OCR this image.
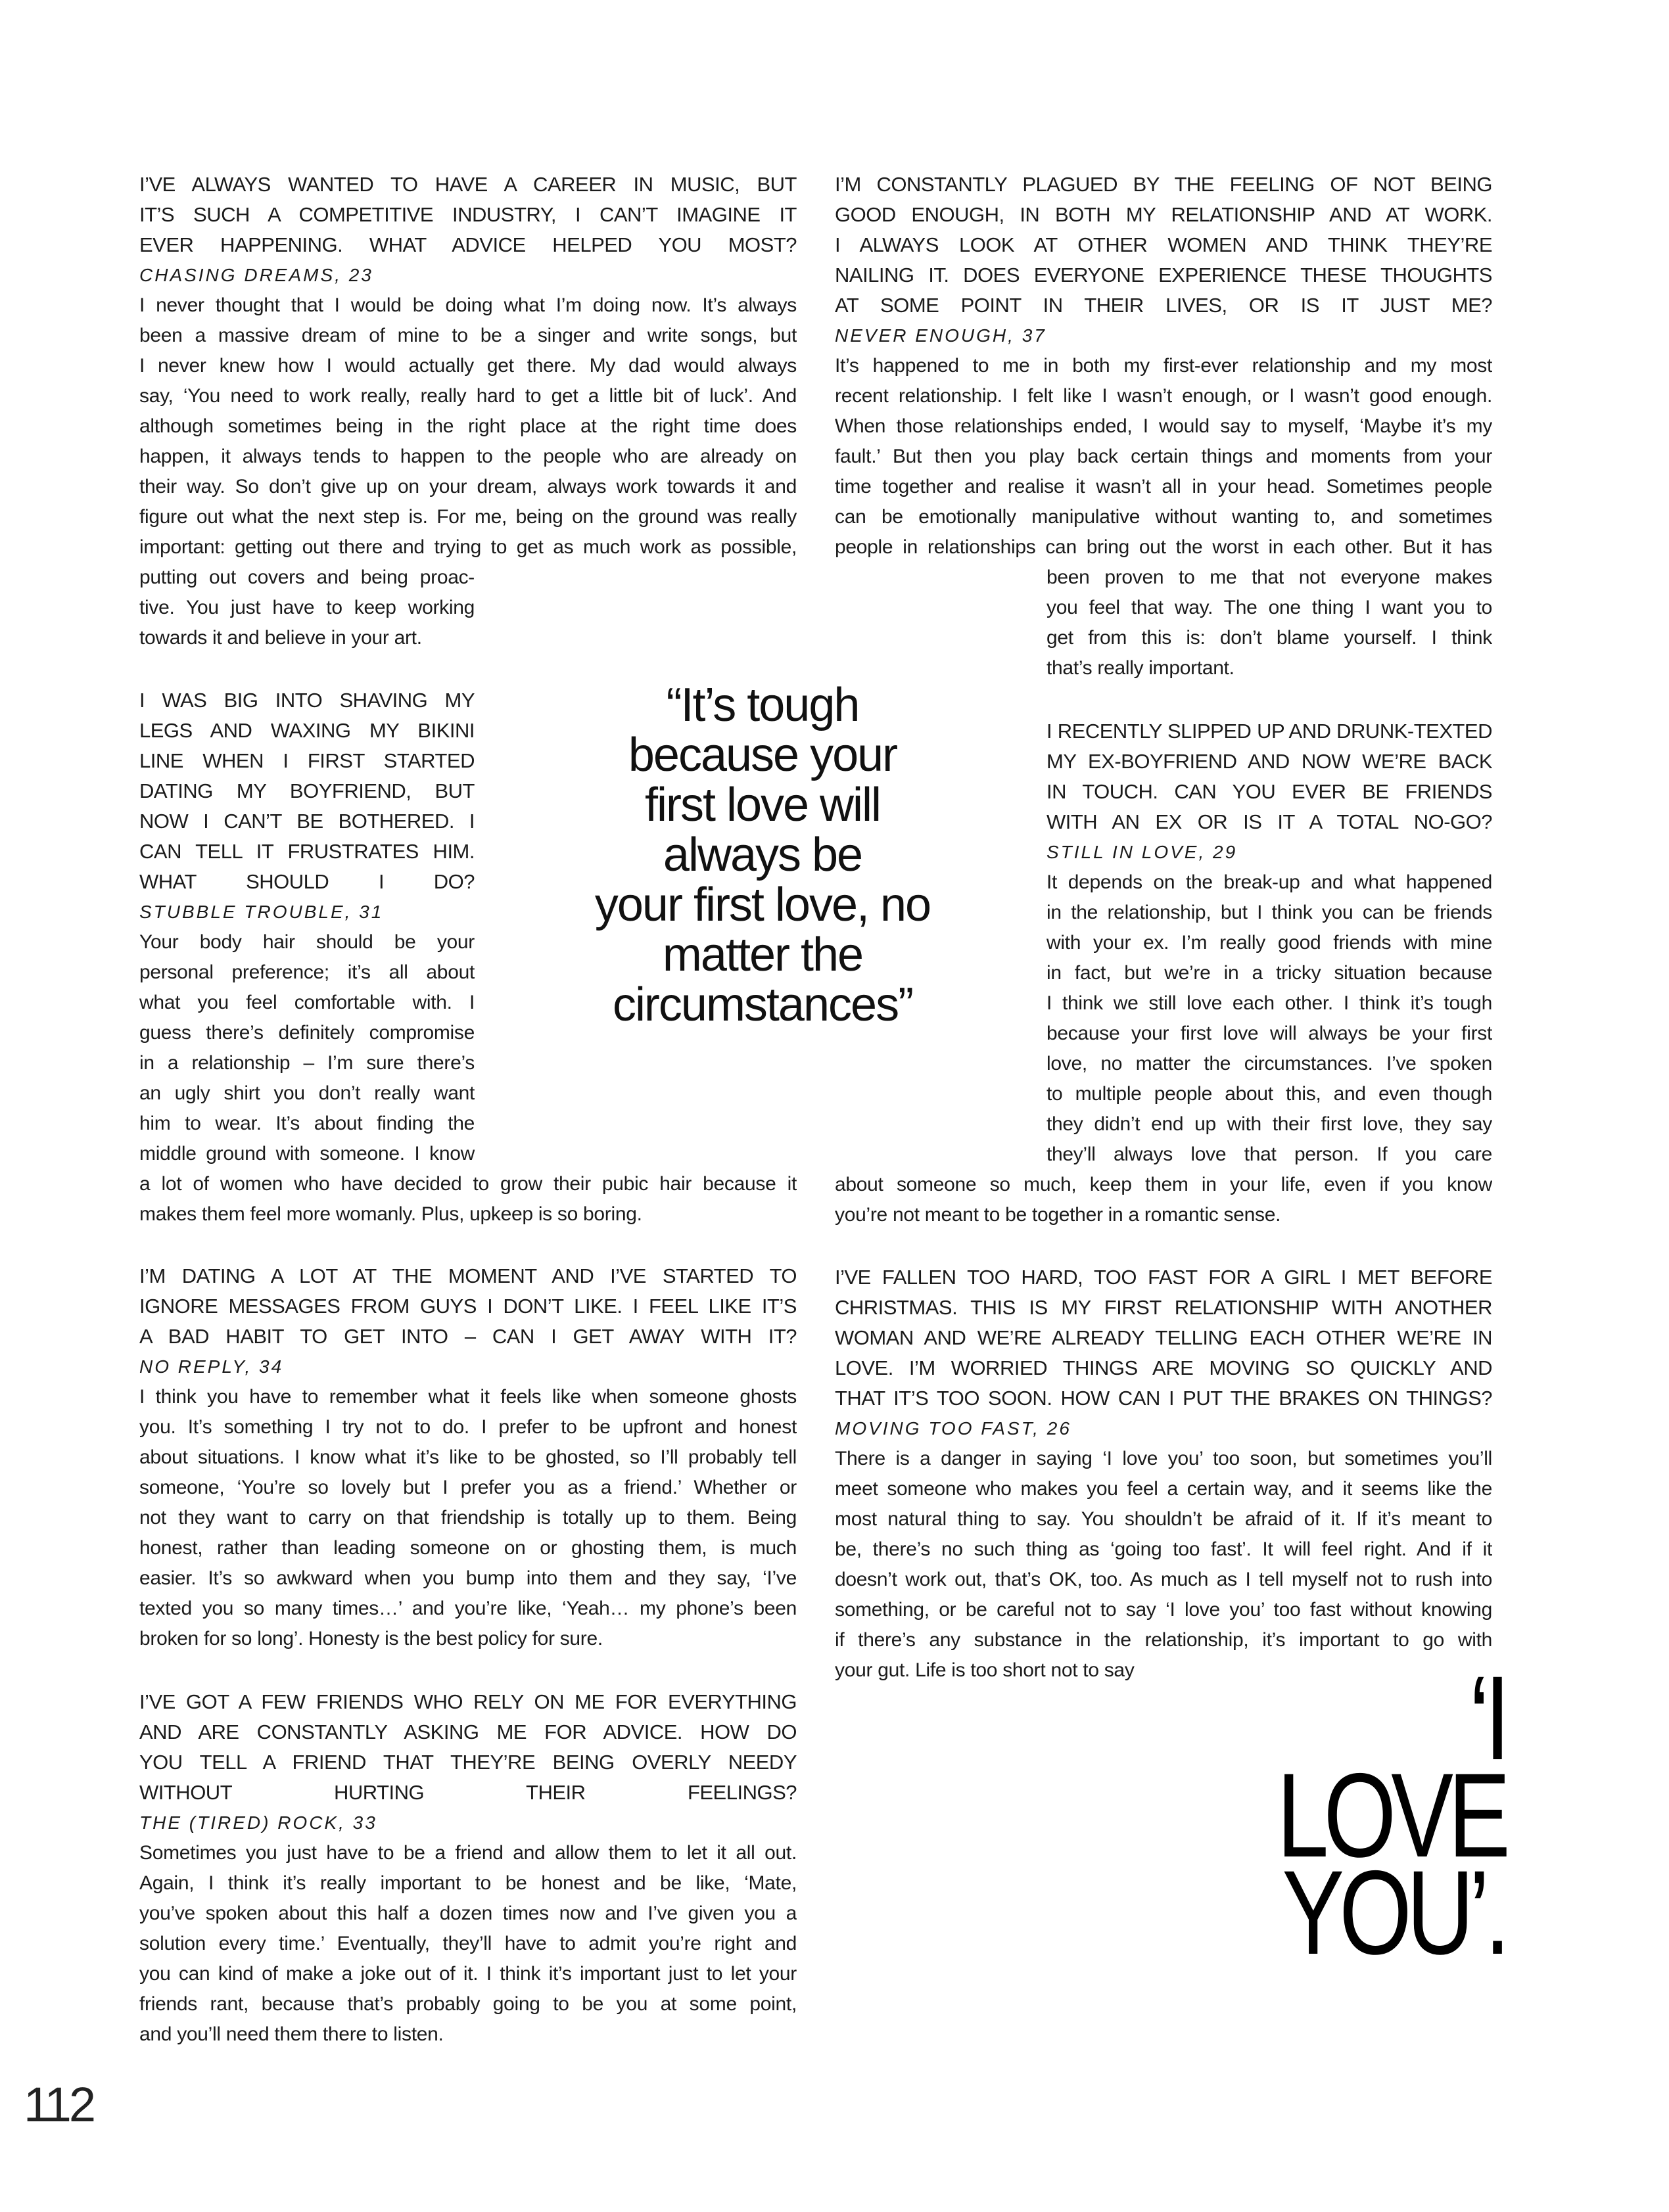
I’VE ALWAYS WANTED TO HAVE A CAREER IN MUSIC, BUT
IT’S SUCH A COMPETITIVE INDUSTRY, I CAN’T IMAGINE IT
EVER HAPPENING. WHAT ADVICE HELPED YOU MOST?
CHASING DREAMS, 23
I never thought that I would be doing what I’m doing now. It’s always
been a massive dream of mine to be a singer and write songs, but
I never knew how I would actually get there. My dad would always
say, ‘You need to work really, really hard to get a little bit of luck’. And
although sometimes being in the right place at the right time does
happen, it always tends to happen to the people who are already on
their way. So don’t give up on your dream, always work towards it and
figure out what the next step is. For me, being on the ground was really
important: getting out there and trying to get as much work as possible,
putting out covers and being proac-
tive. You just have to keep working
towards it and believe in your art.
I WAS BIG INTO SHAVING MY
LEGS AND WAXING MY BIKINI
LINE WHEN I FIRST STARTED
DATING MY BOYFRIEND, BUT
NOW I CAN’T BE BOTHERED. I
CAN TELL IT FRUSTRATES HIM.
WHAT SHOULD I DO?
STUBBLE TROUBLE, 31
Your body hair should be your
personal preference; it’s all about
what you feel comfortable with. I
guess there’s definitely compromise
in a relationship – I’m sure there’s
an ugly shirt you don’t really want
him to wear. It’s about finding the
middle ground with someone. I know
a lot of women who have decided to grow their pubic hair because it
makes them feel more womanly. Plus, upkeep is so boring.
I’M DATING A LOT AT THE MOMENT AND I’VE STARTED TO
IGNORE MESSAGES FROM GUYS I DON’T LIKE. I FEEL LIKE IT’S
A BAD HABIT TO GET INTO – CAN I GET AWAY WITH IT?
NO REPLY, 34
I think you have to remember what it feels like when someone ghosts
you. It’s something I try not to do. I prefer to be upfront and honest
about situations. I know what it’s like to be ghosted, so I’ll probably tell
someone, ‘You’re so lovely but I prefer you as a friend.’ Whether or
not they want to carry on that friendship is totally up to them. Being
honest, rather than leading someone on or ghosting them, is much
easier. It’s so awkward when you bump into them and they say, ‘I’ve
texted you so many times…’ and you’re like, ‘Yeah… my phone’s been
broken for so long’. Honesty is the best policy for sure.
I’VE GOT A FEW FRIENDS WHO RELY ON ME FOR EVERYTHING
AND ARE CONSTANTLY ASKING ME FOR ADVICE. HOW DO
YOU TELL A FRIEND THAT THEY’RE BEING OVERLY NEEDY
WITHOUT HURTING THEIR FEELINGS?
THE (TIRED) ROCK, 33
Sometimes you just have to be a friend and allow them to let it all out.
Again, I think it’s really important to be honest and be like, ‘Mate,
you’ve spoken about this half a dozen times now and I’ve given you a
solution every time.’ Eventually, they’ll have to admit you’re right and
you can kind of make a joke out of it. I think it’s important just to let your
friends rant, because that’s probably going to be you at some point,
and you’ll need them there to listen.
I’M CONSTANTLY PLAGUED BY THE FEELING OF NOT BEING
GOOD ENOUGH, IN BOTH MY RELATIONSHIP AND AT WORK.
I ALWAYS LOOK AT OTHER WOMEN AND THINK THEY’RE
NAILING IT. DOES EVERYONE EXPERIENCE THESE THOUGHTS
AT SOME POINT IN THEIR LIVES, OR IS IT JUST ME?
NEVER ENOUGH, 37
It’s happened to me in both my first-ever relationship and my most
recent relationship. I felt like I wasn’t enough, or I wasn’t good enough.
When those relationships ended, I would say to myself, ‘Maybe it’s my
fault.’ But then you play back certain things and moments from your
time together and realise it wasn’t all in your head. Sometimes people
can be emotionally manipulative without wanting to, and sometimes
people in relationships can bring out the worst in each other. But it has
been proven to me that not everyone makes
you feel that way. The one thing I want you to
get from this is: don’t blame yourself. I think
that’s really important.
I RECENTLY SLIPPED UP AND DRUNK-TEXTED
MY EX-BOYFRIEND AND NOW WE’RE BACK
IN TOUCH. CAN YOU EVER BE FRIENDS
WITH AN EX OR IS IT A TOTAL NO-GO?
STILL IN LOVE, 29
It depends on the break-up and what happened
in the relationship, but I think you can be friends
with your ex. I’m really good friends with mine
in fact, but we’re in a tricky situation because
I think we still love each other. I think it’s tough
because your first love will always be your first
love, no matter the circumstances. I’ve spoken
to multiple people about this, and even though
they didn’t end up with their first love, they say
they’ll always love that person. If you care
about someone so much, keep them in your life, even if you know
you’re not meant to be together in a romantic sense.
I’VE FALLEN TOO HARD, TOO FAST FOR A GIRL I MET BEFORE
CHRISTMAS. THIS IS MY FIRST RELATIONSHIP WITH ANOTHER
WOMAN AND WE’RE ALREADY TELLING EACH OTHER WE’RE IN
LOVE. I’M WORRIED THINGS ARE MOVING SO QUICKLY AND
THAT IT’S TOO SOON. HOW CAN I PUT THE BRAKES ON THINGS?
MOVING TOO FAST, 26
There is a danger in saying ‘I love you’ too soon, but sometimes you’ll
meet someone who makes you feel a certain way, and it seems like the
most natural thing to say. You shouldn’t be afraid of it. If it’s meant to
be, there’s no such thing as ‘going too fast’. It will feel right. And if it
doesn’t work out, that’s OK, too. As much as I tell myself not to rush into
something, or be careful not to say ‘I love you’ too fast without knowing
if there’s any substance in the relationship, it’s important to go with
your gut. Life is too short not to say
“It’s tough
because your
first love will
always be
your first love, no
matter the
circumstances”
‘I LOVE
YOU’.
112
